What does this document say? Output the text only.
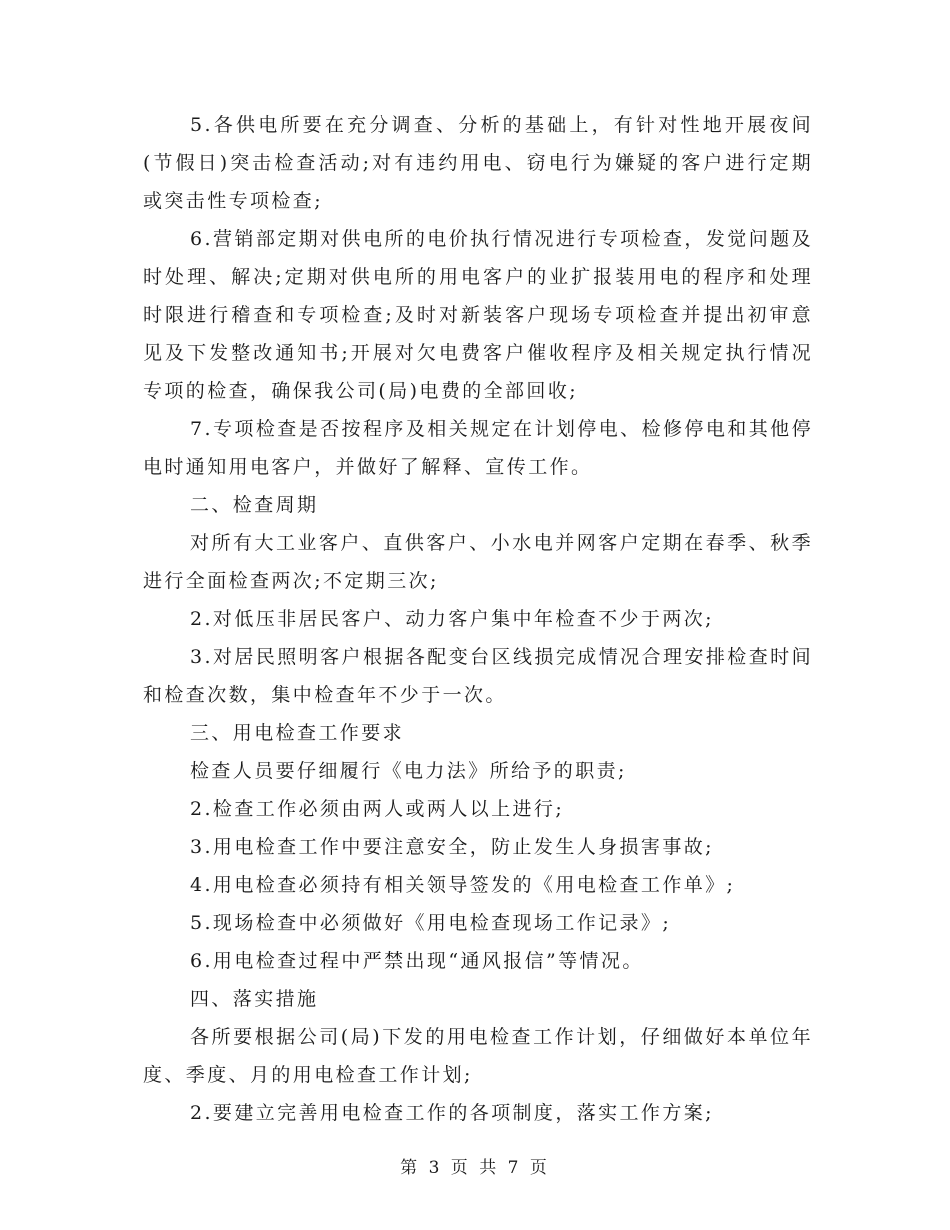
5.各供电所要在充分调查、分析的基础上，有针对性地开展夜间(节假日)突击检查活动;对有违约用电、窃电行为嫌疑的客户进行定期或突击性专项检查;

6.营销部定期对供电所的电价执行情况进行专项检查，发觉问题及时处理、解决;定期对供电所的用电客户的业扩报装用电的程序和处理时限进行稽查和专项检查;及时对新装客户现场专项检查并提出初审意见及下发整改通知书;开展对欠电费客户催收程序及相关规定执行情况专项的检查，确保我公司(局)电费的全部回收;

7.专项检查是否按程序及相关规定在计划停电、检修停电和其他停电时通知用电客户，并做好了解释、宣传工作。

二、检查周期

对所有大工业客户、直供客户、小水电并网客户定期在春季、秋季进行全面检查两次;不定期三次;

2.对低压非居民客户、动力客户集中年检查不少于两次;

3.对居民照明客户根据各配变台区线损完成情况合理安排检查时间和检查次数，集中检查年不少于一次。

三、用电检查工作要求

检查人员要仔细履行《电力法》所给予的职责;

2.检查工作必须由两人或两人以上进行;

3.用电检查工作中要注意安全，防止发生人身损害事故;

4.用电检查必须持有相关领导签发的《用电检查工作单》;

5.现场检查中必须做好《用电检查现场工作记录》;

6.用电检查过程中严禁出现“通风报信”等情况。

四、落实措施

各所要根据公司(局)下发的用电检查工作计划，仔细做好本单位年度、季度、月的用电检查工作计划;

2.要建立完善用电检查工作的各项制度，落实工作方案;

第 3 页 共 7 页
